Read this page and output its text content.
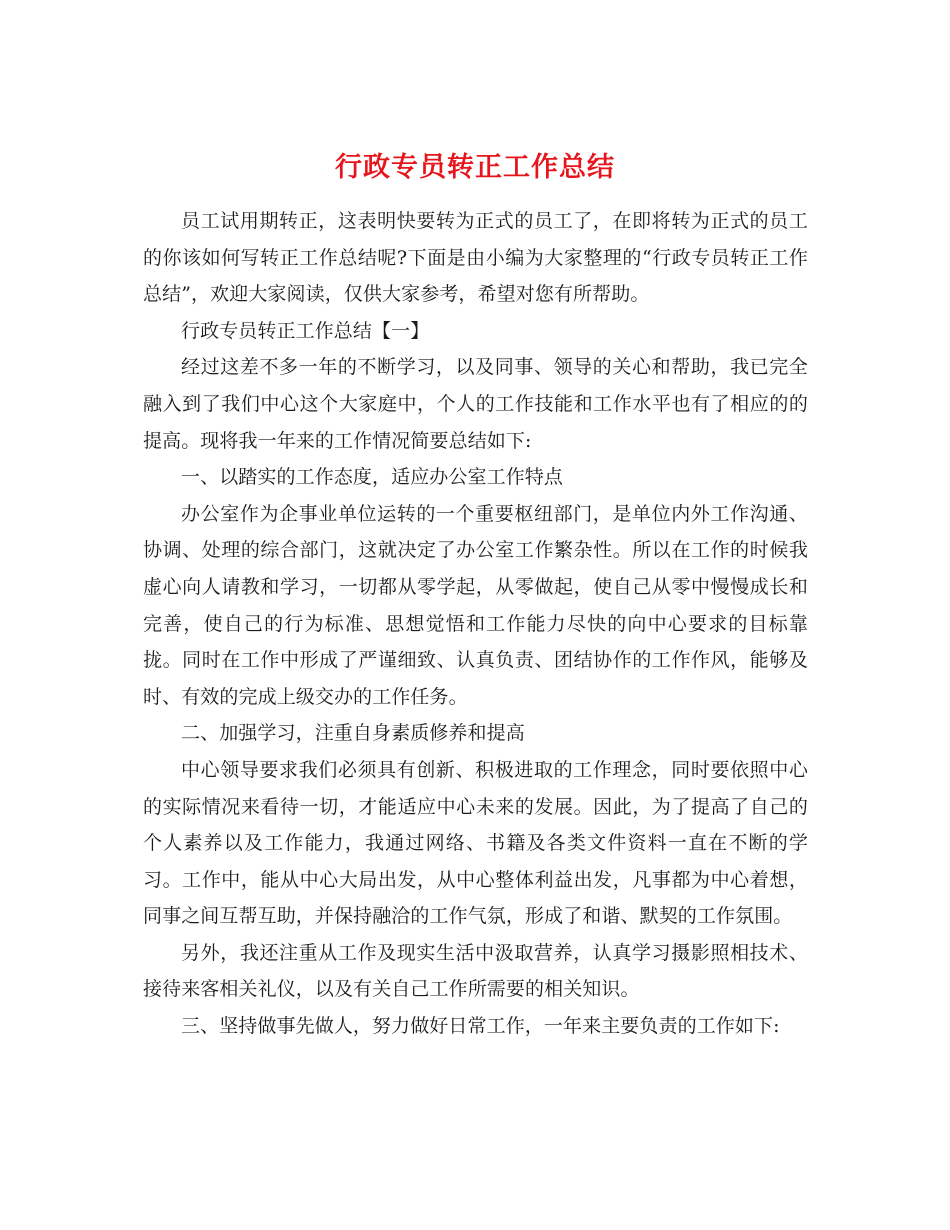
行政专员转正工作总结

员工试用期转正，这表明快要转为正式的员工了，在即将转为正式的员工的你该如何写转正工作总结呢?下面是由小编为大家整理的“行政专员转正工作总结”，欢迎大家阅读，仅供大家参考，希望对您有所帮助。

行政专员转正工作总结【一】

经过这差不多一年的不断学习，以及同事、领导的关心和帮助，我已完全融入到了我们中心这个大家庭中，个人的工作技能和工作水平也有了相应的的提高。现将我一年来的工作情况简要总结如下:

一、以踏实的工作态度，适应办公室工作特点

办公室作为企事业单位运转的一个重要枢纽部门，是单位内外工作沟通、协调、处理的综合部门，这就决定了办公室工作繁杂性。所以在工作的时候我虚心向人请教和学习，一切都从零学起，从零做起，使自己从零中慢慢成长和完善，使自己的行为标准、思想觉悟和工作能力尽快的向中心要求的目标靠拢。同时在工作中形成了严谨细致、认真负责、团结协作的工作作风，能够及时、有效的完成上级交办的工作任务。

二、加强学习，注重自身素质修养和提高

中心领导要求我们必须具有创新、积极进取的工作理念，同时要依照中心的实际情况来看待一切，才能适应中心未来的发展。因此，为了提高了自己的个人素养以及工作能力，我通过网络、书籍及各类文件资料一直在不断的学习。工作中，能从中心大局出发，从中心整体利益出发，凡事都为中心着想，同事之间互帮互助，并保持融洽的工作气氛，形成了和谐、默契的工作氛围。

另外，我还注重从工作及现实生活中汲取营养，认真学习摄影照相技术、接待来客相关礼仪，以及有关自己工作所需要的相关知识。

三、坚持做事先做人，努力做好日常工作，一年来主要负责的工作如下:
